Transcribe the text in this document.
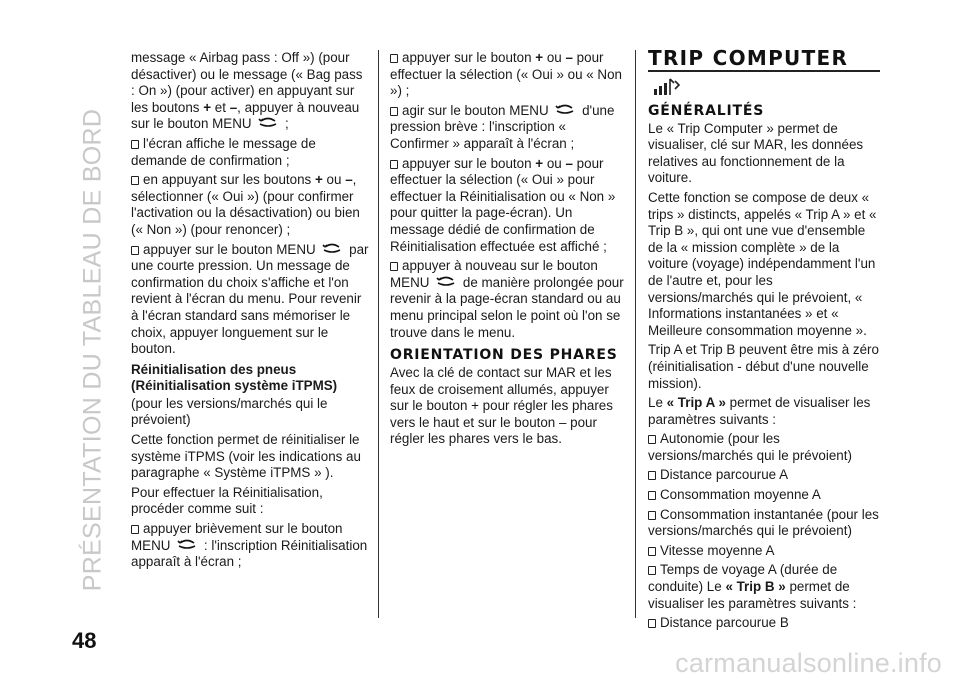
PRÉSENTATION DU TABLEAU DE BORD

message « Airbag pass : Off ») (pour désactiver) ou le message (« Bag pass : On ») (pour activer) en appuyant sur les boutons + et –, appuyer à nouveau sur le bouton MENU ;

l'écran affiche le message de demande de confirmation ;

en appuyant sur les boutons + ou –, sélectionner (« Oui ») (pour confirmer l'activation ou la désactivation) ou bien (« Non ») (pour renoncer) ;

appuyer sur le bouton MENU par une courte pression. Un message de confirmation du choix s'affiche et l'on revient à l'écran du menu. Pour revenir à l'écran standard sans mémoriser le choix, appuyer longuement sur le bouton.

Réinitialisation des pneus
(Réinitialisation système iTPMS)

(pour les versions/marchés qui le prévoient)

Cette fonction permet de réinitialiser le système iTPMS (voir les indications au paragraphe « Système iTPMS » ).

Pour effectuer la Réinitialisation, procéder comme suit :

appuyer brièvement sur le bouton MENU : l'inscription Réinitialisation apparaît à l'écran ;

appuyer sur le bouton + ou – pour effectuer la sélection (« Oui » ou « Non ») ;

agir sur le bouton MENU d'une pression brève : l'inscription « Confirmer » apparaît à l'écran ;

appuyer sur le bouton + ou – pour effectuer la sélection (« Oui » pour effectuer la Réinitialisation ou « Non » pour quitter la page-écran). Un message dédié de confirmation de Réinitialisation effectuée est affiché ;

appuyer à nouveau sur le bouton MENU de manière prolongée pour revenir à la page-écran standard ou au menu principal selon le point où l'on se trouve dans le menu.

ORIENTATION DES PHARES

Avec la clé de contact sur MAR et les feux de croisement allumés, appuyer sur le bouton + pour régler les phares vers le haut et sur le bouton – pour régler les phares vers le bas.

TRIP COMPUTER
GÉNÉRALITÉS

Le « Trip Computer » permet de visualiser, clé sur MAR, les données relatives au fonctionnement de la voiture.

Cette fonction se compose de deux « trips » distincts, appelés « Trip A » et « Trip B », qui ont une vue d'ensemble de la « mission complète » de la voiture (voyage) indépendamment l'un de l'autre et, pour les versions/marchés qui le prévoient, « Informations instantanées » et « Meilleure consommation moyenne ».

Trip A et Trip B peuvent être mis à zéro (réinitialisation - début d'une nouvelle mission).

Le « Trip A » permet de visualiser les paramètres suivants :

Autonomie (pour les versions/marchés qui le prévoient)

Distance parcourue A

Consommation moyenne A

Consommation instantanée (pour les versions/marchés qui le prévoient)

Vitesse moyenne A

Temps de voyage A (durée de conduite) Le « Trip B » permet de visualiser les paramètres suivants :

Distance parcourue B

48
carmanualsonline.info
